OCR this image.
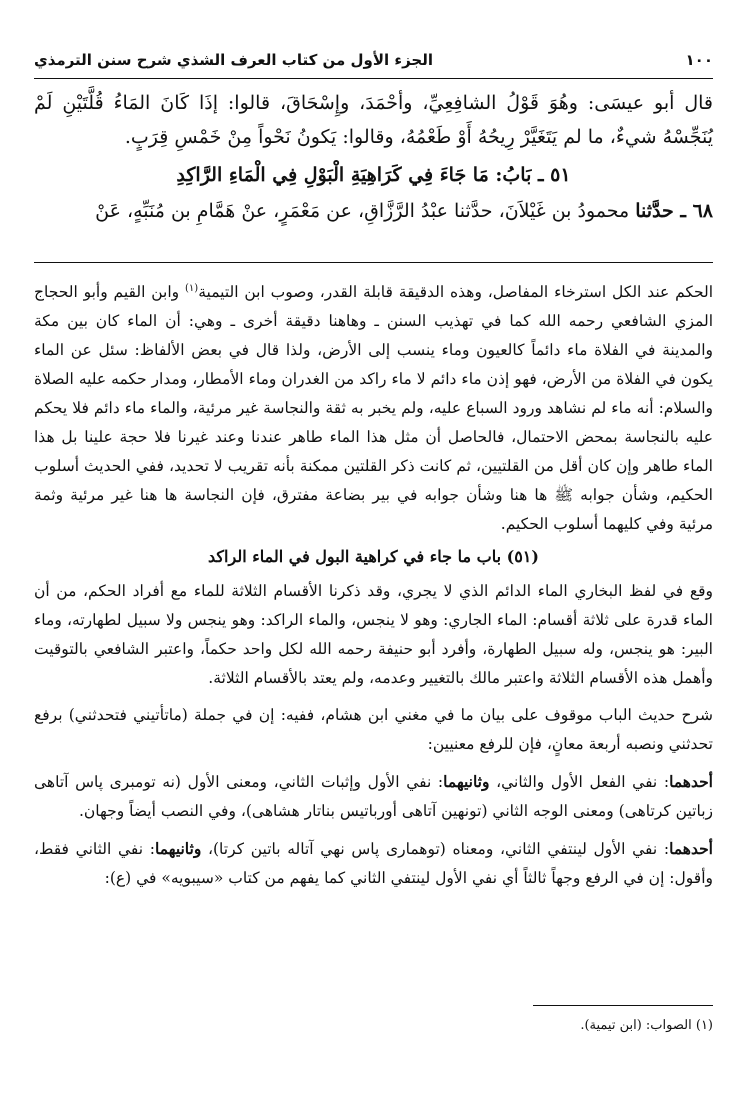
١٠٠
الجزء الأول من كتاب العرف الشذي شرح سنن الترمذي

قال أبو عيسَى: وهُوَ قَوْلُ الشافِعِيِّ، وأحْمَدَ، وإِسْحَاقَ، قالوا: إذَا كَانَ المَاءُ قُلَّتَيْنِ لَمْ يُنَجِّسْهُ شيءٌ، ما لم يَتَغَيَّرْ رِيحُهُ أَوْ طَعْمُهُ، وقالوا: يَكونُ نَحْواً مِنْ خَمْسِ قِرَبٍ.

٥١ ـ بَابُ: مَا جَاءَ فِي كَرَاهِيَةِ الْبَوْلِ فِي الْمَاءِ الرَّاكِدِ

٦٨ ـ حدَّثنا محمودُ بن غَيْلاَنَ، حدَّثنا عبْدُ الرَّزَّاقِ، عن مَعْمَرٍ، عنْ هَمَّامِ بن مُنَبِّهٍ، عَنْ

الحكم عند الكل استرخاء المفاصل، وهذه الدقيقة قابلة القدر، وصوب ابن التيمية$^{(١)}$ وابن القيم وأبو الحجاج المزي الشافعي رحمه الله كما في تهذيب السنن ـ وهاهنا دقيقة أخرى ـ وهي: أن الماء كان بين مكة والمدينة في الفلاة ماء دائماً كالعيون وماء ينسب إلى الأرض، ولذا قال في بعض الألفاظ: سئل عن الماء يكون في الفلاة من الأرض، فهو إذن ماء دائم لا ماء راكد من الغدران وماء الأمطار، ومدار حكمه عليه الصلاة والسلام: أنه ماء لم نشاهد ورود السباع عليه، ولم يخبر به ثقة والنجاسة غير مرئية، والماء ماء دائم فلا يحكم عليه بالنجاسة بمحض الاحتمال، فالحاصل أن مثل هذا الماء طاهر عندنا وعند غيرنا فلا حجة علينا بل هذا الماء طاهر وإن كان أقل من القلتيين، ثم كانت ذكر القلتين ممكنة بأنه تقريب لا تحديد، ففي الحديث أسلوب الحكيم، وشأن جوابه ﷺ ها هنا وشأن جوابه في بير بضاعة مفترق، فإن النجاسة ها هنا غير مرئية وثمة مرئية وفي كليهما أسلوب الحكيم.

(٥١) باب ما جاء في كراهية البول في الماء الراكد

وقع في لفظ البخاري الماء الدائم الذي لا يجري، وقد ذكرنا الأقسام الثلاثة للماء مع أفراد الحكم، من أن الماء قدرة على ثلاثة أقسام: الماء الجاري: وهو لا ينجس، والماء الراكد: وهو ينجس ولا سبيل لطهارته، وماء البير: هو ينجس، وله سبيل الطهارة، وأفرد أبو حنيفة رحمه الله لكل واحد حكماً، واعتبر الشافعي بالتوقيت وأهمل هذه الأقسام الثلاثة واعتبر مالك بالتغيير وعدمه، ولم يعتد بالأقسام الثلاثة.

شرح حديث الباب موقوف على بيان ما في مغني ابن هشام، ففيه: إن في جملة (ماتأتيني فتحدثني) برفع تحدثني ونصبه أربعة معانٍ، فإن للرفع معنيين:

أحدهما: نفي الفعل الأول والثاني، وثانيهما: نفي الأول وإثبات الثاني، ومعنى الأول (نه تومبرى پاس آتاهى زباتين كرتاهى) ومعنى الوجه الثاني (تونهين آتاهى أورباتيس بناتار هشاهى)، وفي النصب أيضاً وجهان.

أحدهما: نفي الأول لينتفي الثاني، ومعناه (توهمارى پاس نهي آتاله باتين كرتا)، وثانيهما: نفي الثاني فقط، وأقول: إن في الرفع وجهاً ثالثاً أي نفي الأول لينتفي الثاني كما يفهم من كتاب «سيبويه» في (ع):

(١) الصواب: (ابن تيمية).
